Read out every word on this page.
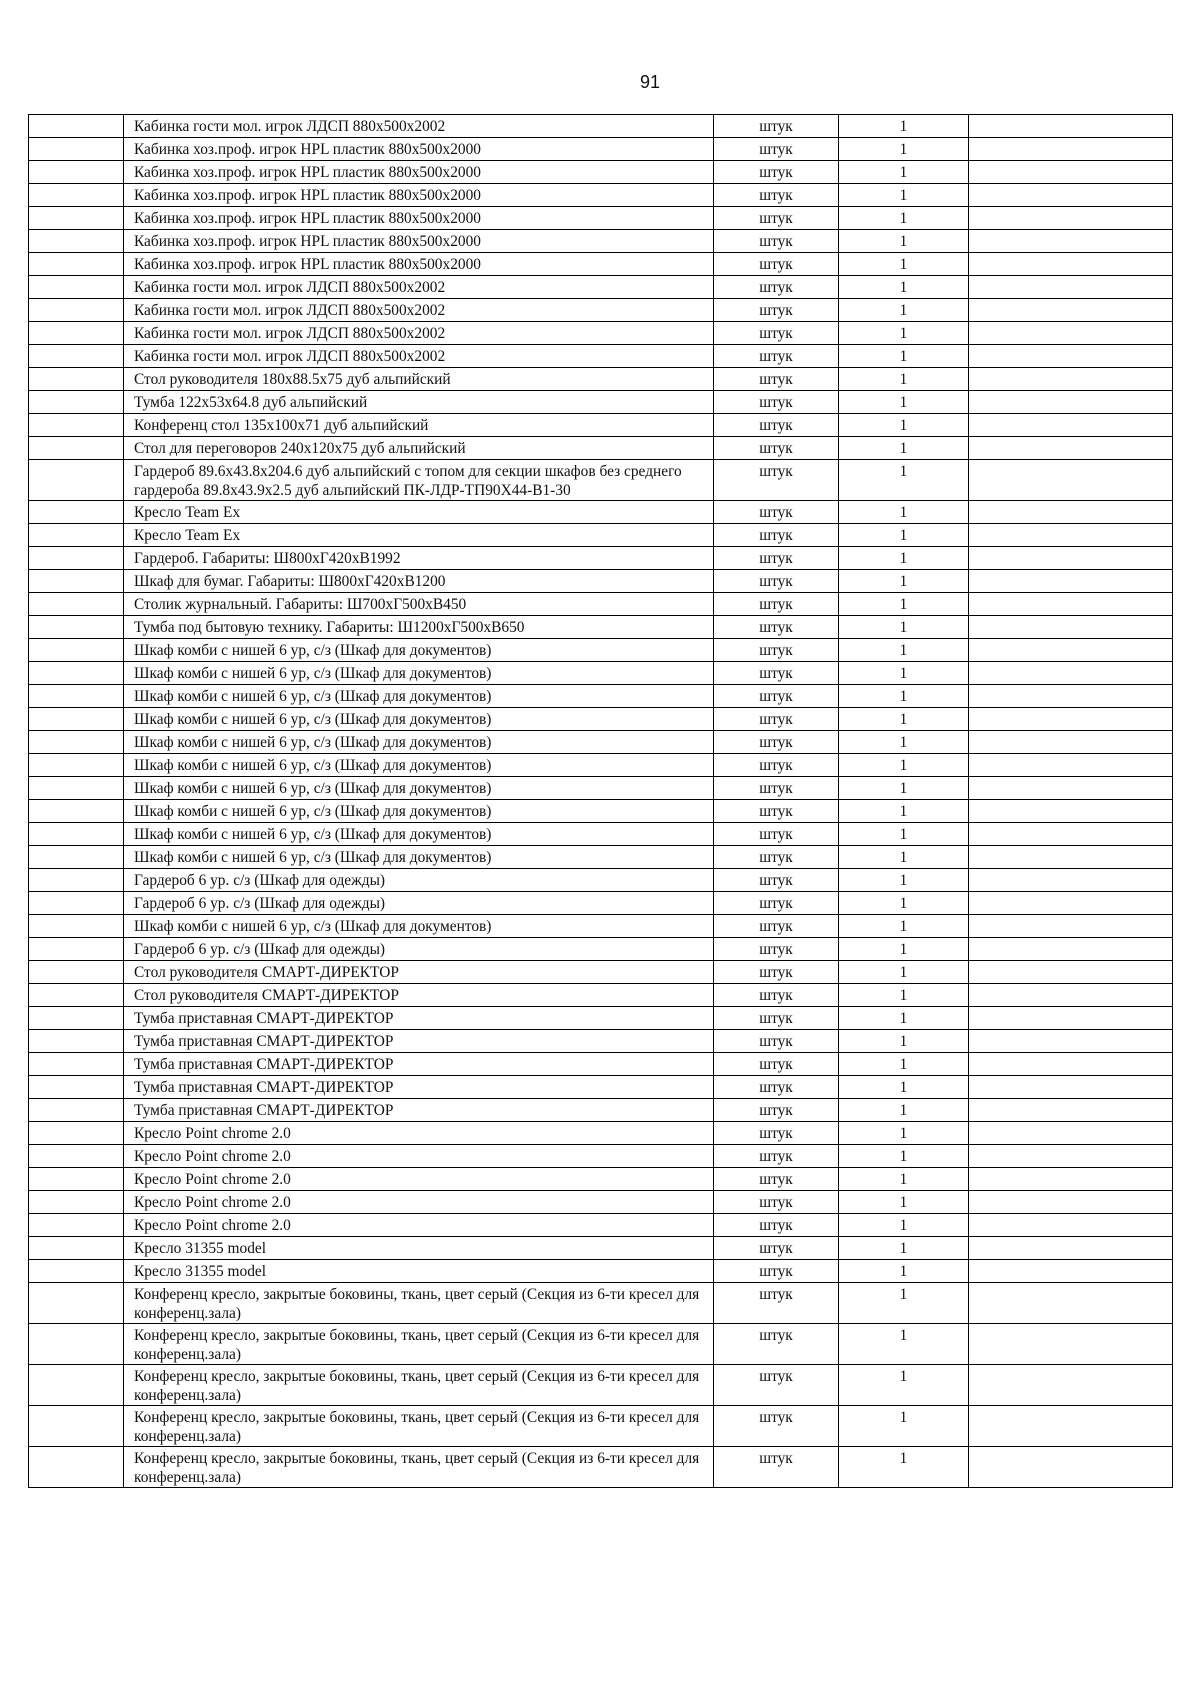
91

	Кабинка гости мол. игрок ЛДСП 880x500x2002	штук	1	

	Кабинка хоз.проф. игрок HPL пластик 880x500x2000	штук	1	

	Кабинка хоз.проф. игрок HPL пластик 880x500x2000	штук	1	

	Кабинка хоз.проф. игрок HPL пластик 880x500x2000	штук	1	

	Кабинка хоз.проф. игрок HPL пластик 880x500x2000	штук	1	

	Кабинка хоз.проф. игрок HPL пластик 880x500x2000	штук	1	

	Кабинка хоз.проф. игрок HPL пластик 880x500x2000	штук	1	

	Кабинка гости мол. игрок ЛДСП 880x500x2002	штук	1	

	Кабинка гости мол. игрок ЛДСП 880x500x2002	штук	1	

	Кабинка гости мол. игрок ЛДСП 880x500x2002	штук	1	

	Кабинка гости мол. игрок ЛДСП 880x500x2002	штук	1	

	Стол руководителя 180x88.5x75 дуб альпийский	штук	1	

	Тумба 122x53x64.8 дуб альпийский	штук	1	

	Конференц стол 135x100x71 дуб альпийский	штук	1	

	Стол для переговоров 240x120x75 дуб альпийский	штук	1	

	Гардероб 89.6x43.8x204.6 дуб альпийский с топом для секции шкафов без среднего гардероба 89.8x43.9x2.5 дуб альпийский ПК-ЛДР-ТП90Х44-В1-30	штук	1	

	Кресло Team Ex	штук	1	

	Кресло Team Ex	штук	1	

	Гардероб. Габариты: Ш800хГ420хВ1992	штук	1	

	Шкаф для бумаг. Габариты: Ш800хГ420хВ1200	штук	1	

	Столик журнальный. Габариты: Ш700хГ500хВ450	штук	1	

	Тумба под бытовую технику. Габариты: Ш1200хГ500хВ650	штук	1	

	Шкаф комби с нишей 6 ур, с/з (Шкаф для документов)	штук	1	

	Шкаф комби с нишей 6 ур, с/з (Шкаф для документов)	штук	1	

	Шкаф комби с нишей 6 ур, с/з (Шкаф для документов)	штук	1	

	Шкаф комби с нишей 6 ур, с/з (Шкаф для документов)	штук	1	

	Шкаф комби с нишей 6 ур, с/з (Шкаф для документов)	штук	1	

	Шкаф комби с нишей 6 ур, с/з (Шкаф для документов)	штук	1	

	Шкаф комби с нишей 6 ур, с/з (Шкаф для документов)	штук	1	

	Шкаф комби с нишей 6 ур, с/з (Шкаф для документов)	штук	1	

	Шкаф комби с нишей 6 ур, с/з (Шкаф для документов)	штук	1	

	Шкаф комби с нишей 6 ур, с/з (Шкаф для документов)	штук	1	

	Гардероб 6 ур. с/з (Шкаф для одежды)	штук	1	

	Гардероб 6 ур. с/з (Шкаф для одежды)	штук	1	

	Шкаф комби с нишей 6 ур, с/з (Шкаф для документов)	штук	1	

	Гардероб 6 ур. с/з (Шкаф для одежды)	штук	1	

	Стол руководителя СМАРТ-ДИРЕКТОР	штук	1	

	Стол руководителя СМАРТ-ДИРЕКТОР	штук	1	

	Тумба приставная СМАРТ-ДИРЕКТОР	штук	1	

	Тумба приставная СМАРТ-ДИРЕКТОР	штук	1	

	Тумба приставная СМАРТ-ДИРЕКТОР	штук	1	

	Тумба приставная СМАРТ-ДИРЕКТОР	штук	1	

	Тумба приставная СМАРТ-ДИРЕКТОР	штук	1	

	Кресло Point chrome 2.0	штук	1	

	Кресло Point chrome 2.0	штук	1	

	Кресло Point chrome 2.0	штук	1	

	Кресло Point chrome 2.0	штук	1	

	Кресло Point chrome 2.0	штук	1	

	Кресло 31355 model	штук	1	

	Кресло 31355 model	штук	1	

	Конференц кресло, закрытые боковины, ткань, цвет серый (Секция из 6-ти кресел для конференц.зала)	штук	1	

	Конференц кресло, закрытые боковины, ткань, цвет серый (Секция из 6-ти кресел для конференц.зала)	штук	1	

	Конференц кресло, закрытые боковины, ткань, цвет серый (Секция из 6-ти кресел для конференц.зала)	штук	1	

	Конференц кресло, закрытые боковины, ткань, цвет серый (Секция из 6-ти кресел для конференц.зала)	штук	1	

	Конференц кресло, закрытые боковины, ткань, цвет серый (Секция из 6-ти кресел для конференц.зала)	штук	1	
